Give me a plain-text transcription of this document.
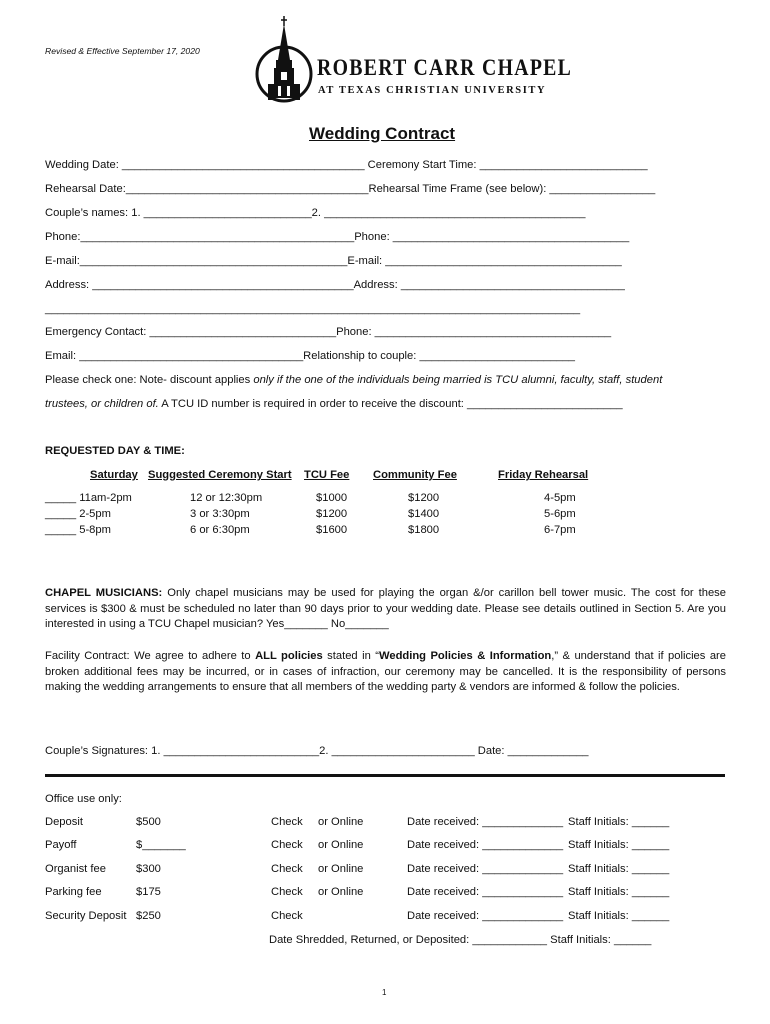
Revised & Effective September 17, 2020
ROBERT CARR CHAPEL
AT TEXAS CHRISTIAN UNIVERSITY
Wedding Contract
Wedding Date: _______________________________________ Ceremony Start Time: ___________________________
Rehearsal Date:_______________________________________Rehearsal Time Frame (see below): _________________
Couple’s names: 1. ___________________________2. __________________________________________
Phone:____________________________________________Phone: ______________________________________
E-mail:___________________________________________E-mail: ______________________________________
Address: __________________________________________Address: ____________________________________
______________________________________________________________________________________
Emergency Contact: ______________________________Phone: ______________________________________
Email: ____________________________________Relationship to couple: _________________________
Please check one: Note- discount applies only if the one of the individuals being married is TCU alumni, faculty, staff, student
trustees, or children of. A TCU ID number is required in order to receive the discount: _________________________
REQUESTED DAY & TIME:
Saturday Suggested Ceremony Start TCU Fee Community Fee	Friday Rehearsal
_____ 11am-2pm	12 or 12:30pm	$1000	$1200	4-5pm
_____ 2-5pm	3 or 3:30pm	$1200	$1400	5-6pm
_____ 5-8pm	6 or 6:30pm	$1600	$1800	6-7pm
CHAPEL MUSICIANS: Only chapel musicians may be used for playing the organ &/or carillon bell tower music. The cost for these services is $300 & must be scheduled no later than 90 days prior to your wedding date. Please see details outlined in Section 5. Are you interested in using a TCU Chapel musician? Yes_______ No_______
Facility Contract: We agree to adhere to ALL policies stated in “Wedding Policies & Information,” & understand that if policies are broken additional fees may be incurred, or in cases of infraction, our ceremony may be cancelled. It is the responsibility of persons making the wedding arrangements to ensure that all members of the wedding party & vendors are informed & follow the policies.
Couple’s Signatures: 1. _________________________2. _______________________ Date: _____________
Office use only:
Deposit	$500	Check or Online	Date received: _____________ Staff Initials: ______
Payoff	$_______	Check or Online	Date received: _____________ Staff Initials: ______
Organist fee	$300	Check or Online	Date received: _____________ Staff Initials: ______
Parking fee	$175	Check or Online	Date received: _____________ Staff Initials: ______
Security Deposit $250	Check	Date received: _____________ Staff Initials: ______
Date Shredded, Returned, or Deposited: ____________ Staff Initials: ______
1
